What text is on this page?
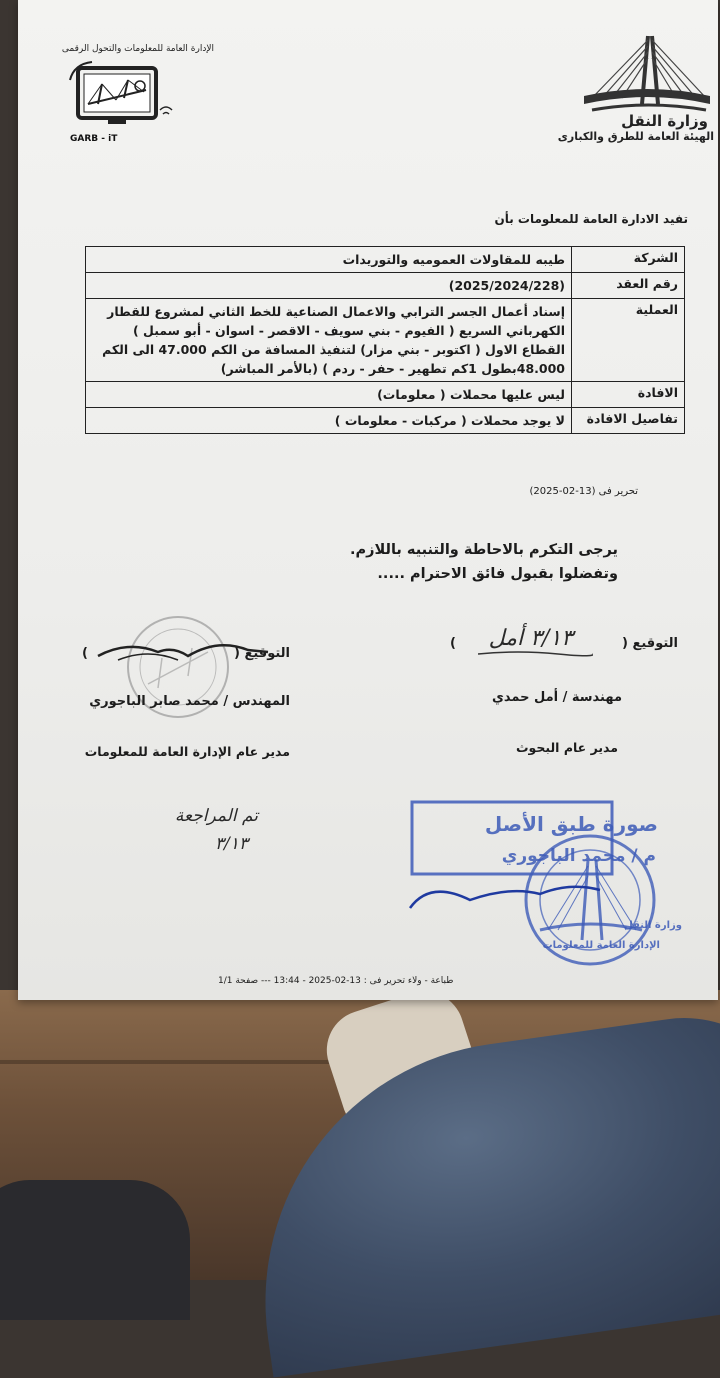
الإدارة العامة للمعلومات والتحول الرقمى
GARB - iT
وزارة النقل
الهيئة العامة للطرق والكبارى
تفيد الادارة العامة للمعلومات بأن
الشركة	طيبه للمقاولات العموميه والتوريدات
رقم العقد	(2025/2024/228)
العملية	إسناد أعمال الجسر الترابي والاعمال الصناعية للخط الثاني لمشروع للقطار الكهرباني السريع ( الفيوم - بني سويف - الاقصر - اسوان - أبو سمبل ) القطاع الاول ( اكتوبر - بني مزار) لتنفيذ المسافة من الكم 47.000 الى الكم 48.000بطول 1كم تطهير - حفر - ردم ) (بالأمر المباشر)
الافادة	ليس عليها محملات ( معلومات)
تفاصيل الافادة	لا يوجد محملات ( مركبات - معلومات )
تحرير فى (13-02-2025)
يرجى التكرم بالاحاطة والتنبيه باللازم.
وتفضلوا بقبول فائق الاحترام .....
التوقيع (
٣/١٣ أمل
)
مهندسة / أمل حمدي
مدير عام البحوث
التوقيع (
)
المهندس / محمد صابر الباجوري
مدير عام الإدارة العامة للمعلومات
تم المراجعة
٣/١٣
صورة طبق الأصل
م / محمد الباجوري
وزارة النقل
الإدارة العامة للمعلومات
طباعة - ولاء تحرير فى : 13-02-2025 - 13:44 --- صفحة 1/1
